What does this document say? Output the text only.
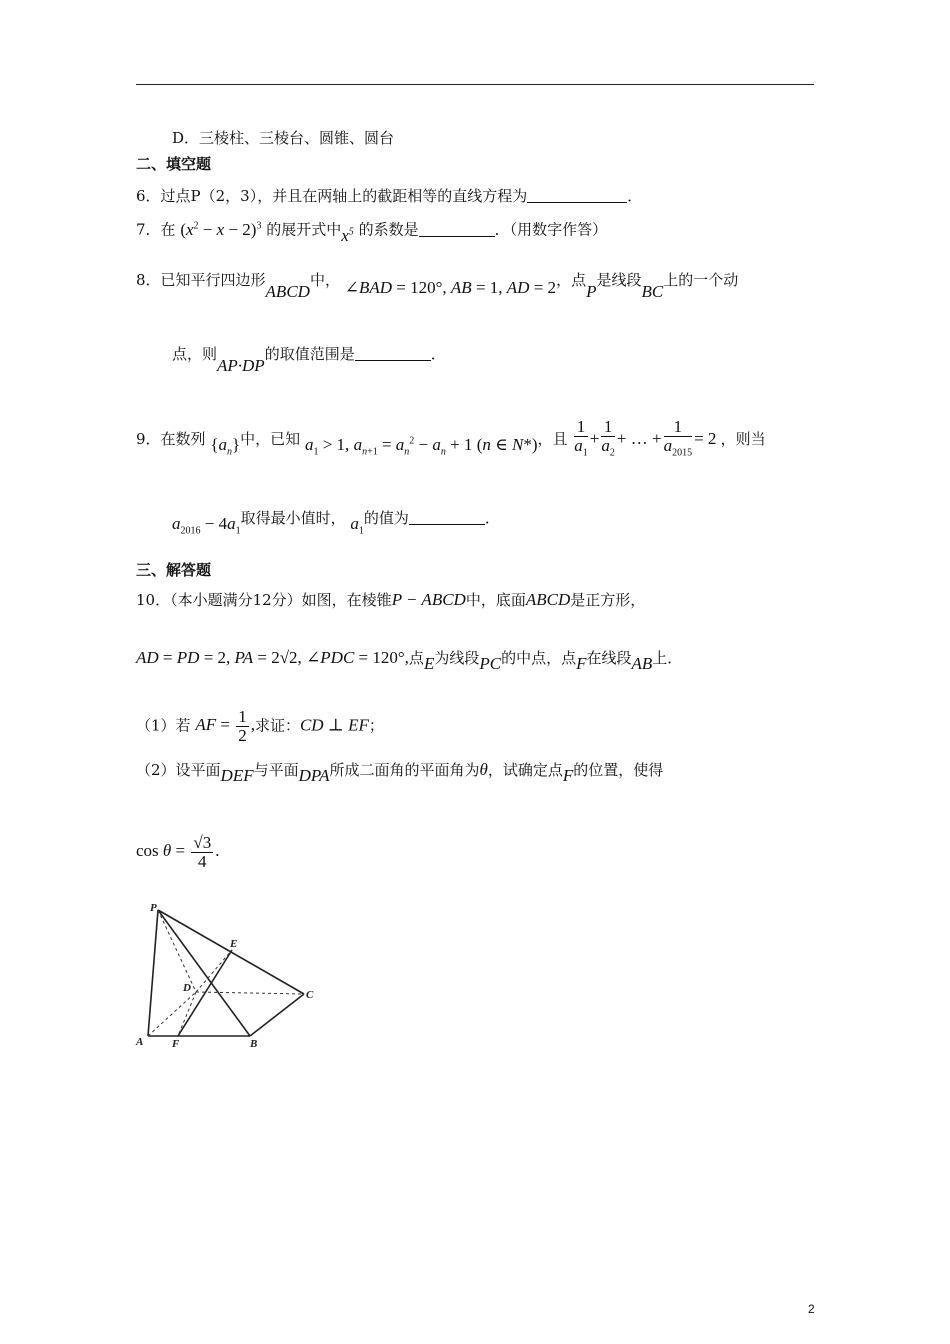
D．三棱柱、三棱台、圆锥、圆台
二、填空题
6．过点P（2，3），并且在两轴上的截距相等的直线方程为	．
7．在 $(x^2 - x - 2)^3$ 的展开式中$x^5$ 的系数是	．（用数字作答）
8．已知平行四边形ABCD中， ∠BAD = 120°, AB = 1, AD = 2，点P是线段BC上的一个动
点，则AP·DP的取值范围是	．
9．在数列 $\{a_n\}$中，已知 $a_1 > 1$, $a_{n+1} = a_n^2 - a_n + 1$ (n ∈ N*)，且 $\frac{1}{a_1} + \frac{1}{a_2}$ + … + $\frac{1}{a_{2015}} = 2$ ，则当
$a_{2016} - 4a_1$取得最小值时， $a_1$的值为	．
三、解答题
10．（本小题满分12分）如图，在棱锥P − ABCD中，底面ABCD是正方形，
AD = PD = 2, PA = 2√2, ∠PDC = 120°,点E为线段PC的中点，点F在线段AB上．
（1）若 AF = $\frac{1}{2}$ ,求证：CD ⊥ EF；
（2）设平面DEF与平面DPA所成二面角的平面角为θ，试确定点F的位置，使得
$\cos \theta = \frac{√3}{4}$ .
P
E
D
C
A	F	B
2
